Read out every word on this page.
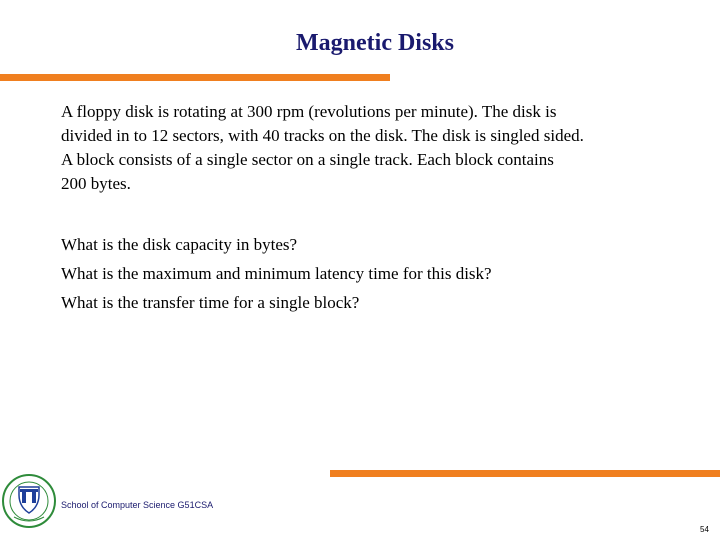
Magnetic Disks
A floppy disk is rotating at 300 rpm (revolutions per minute). The disk is
divided in to 12 sectors, with 40 tracks on the disk. The disk is singled sided.
A block consists of a single sector on a single track. Each block contains
200 bytes.
What is the disk capacity in bytes?
What is the maximum and minimum latency time for this disk?
What is the transfer time for a single block?
School of Computer Science G51CSA
54
